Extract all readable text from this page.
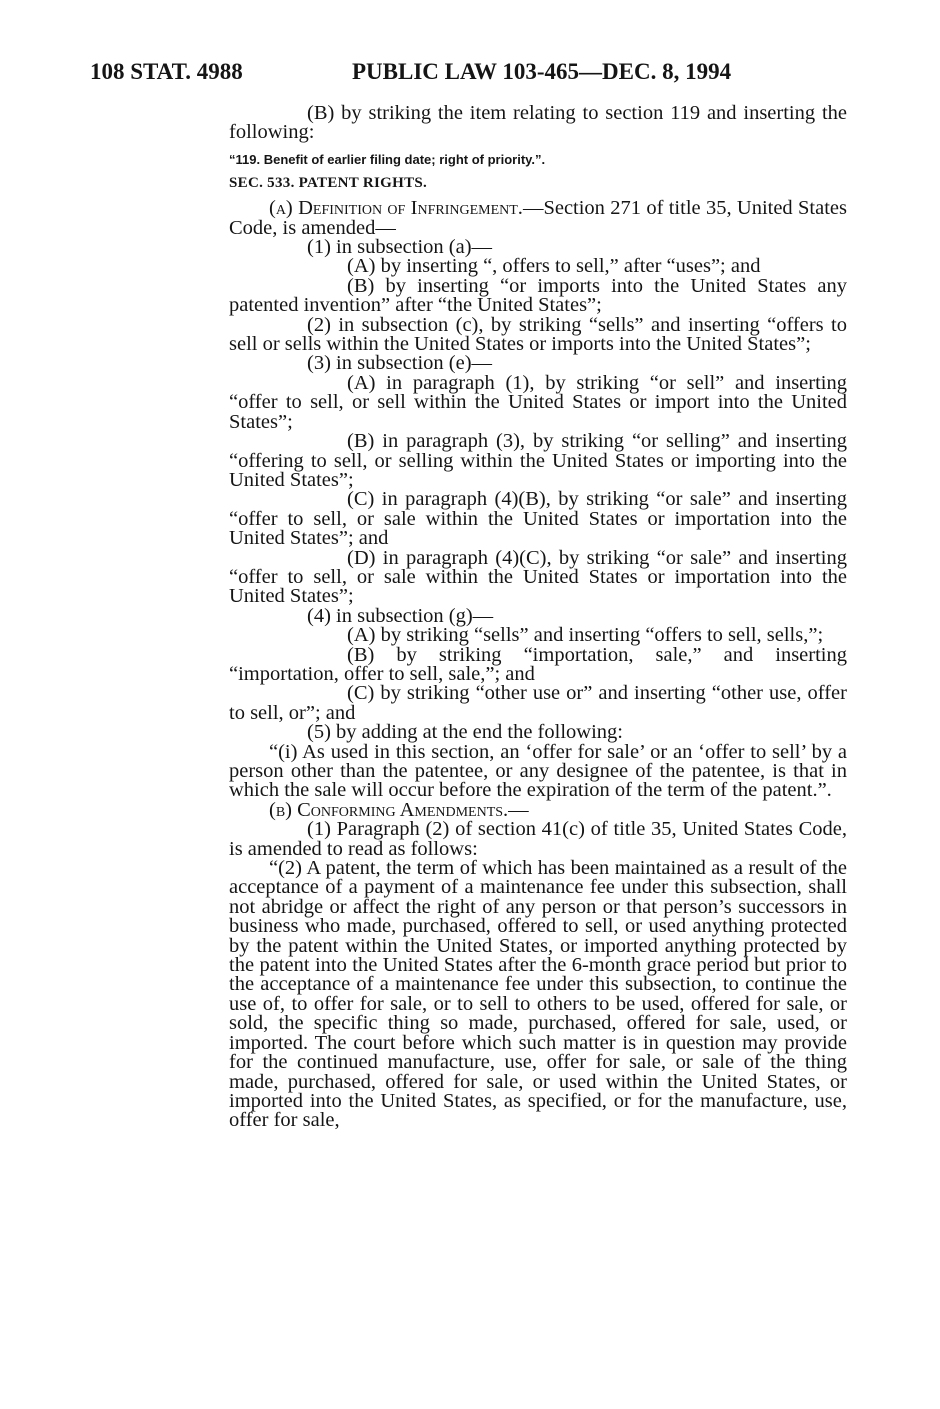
108 STAT. 4988	PUBLIC LAW 103-465—DEC. 8, 1994

(B) by striking the item relating to section 119 and inserting the following:

“119. Benefit of earlier filing date; right of priority.”.

SEC. 533. PATENT RIGHTS.

(a) Definition of Infringement.—Section 271 of title 35, United States Code, is amended—

(1) in subsection (a)—

(A) by inserting “, offers to sell,” after “uses”; and

(B) by inserting “or imports into the United States any patented invention” after “the United States”;

(2) in subsection (c), by striking “sells” and inserting “offers to sell or sells within the United States or imports into the United States”;

(3) in subsection (e)—

(A) in paragraph (1), by striking “or sell” and inserting “offer to sell, or sell within the United States or import into the United States”;

(B) in paragraph (3), by striking “or selling” and inserting “offering to sell, or selling within the United States or importing into the United States”;

(C) in paragraph (4)(B), by striking “or sale” and inserting “offer to sell, or sale within the United States or importation into the United States”; and

(D) in paragraph (4)(C), by striking “or sale” and inserting “offer to sell, or sale within the United States or importation into the United States”;

(4) in subsection (g)—

(A) by striking “sells” and inserting “offers to sell, sells,”;

(B) by striking “importation, sale,” and inserting “importation, offer to sell, sale,”; and

(C) by striking “other use or” and inserting “other use, offer to sell, or”; and

(5) by adding at the end the following:

“(i) As used in this section, an ‘offer for sale’ or an ‘offer to sell’ by a person other than the patentee, or any designee of the patentee, is that in which the sale will occur before the expiration of the term of the patent.”.

(b) Conforming Amendments.—

(1) Paragraph (2) of section 41(c) of title 35, United States Code, is amended to read as follows:

“(2) A patent, the term of which has been maintained as a result of the acceptance of a payment of a maintenance fee under this subsection, shall not abridge or affect the right of any person or that person’s successors in business who made, purchased, offered to sell, or used anything protected by the patent within the United States, or imported anything protected by the patent into the United States after the 6-month grace period but prior to the acceptance of a maintenance fee under this subsection, to continue the use of, to offer for sale, or to sell to others to be used, offered for sale, or sold, the specific thing so made, purchased, offered for sale, used, or imported. The court before which such matter is in question may provide for the continued manufacture, use, offer for sale, or sale of the thing made, purchased, offered for sale, or used within the United States, or imported into the United States, as specified, or for the manufacture, use, offer for sale,
